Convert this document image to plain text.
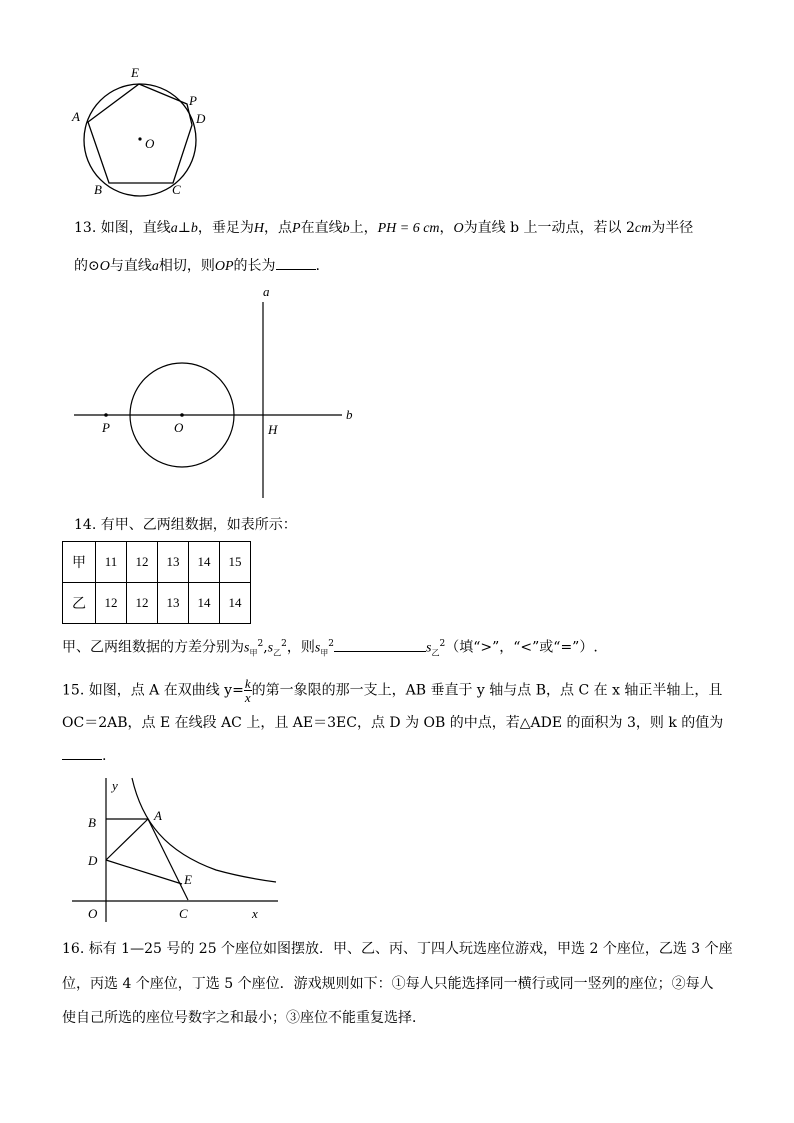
E
A
P
D
O
B	C
13. 如图，直线a⊥b，垂足为H，点P在直线b上，PH = 6 cm，O为直线 b 上一动点，若以 2cm为半径
的⊙O与直线a相切，则OP的长为	.
a
b
P	O	H
14. 有甲、乙两组数据，如表所示：
甲	11	12	13	14	15
乙	12	12	13	14	14
甲、乙两组数据的方差分别为$s_甲^2,s_乙^2$，则$s_甲^2$	$s_乙^2$（填“>”，“<”或“=”）.
15. 如图，点 A 在双曲线 $y= \frac{k}{x}$ 的第一象限的那一支上，AB 垂直于 y 轴与点 B，点 C 在 x 轴正半轴上，且
OC＝2AB，点 E 在线段 AC 上，且 AE＝3EC，点 D 为 OB 的中点，若△ADE 的面积为 3，则 k 的值为
.
y
B	A
D
E
O	C	x
16. 标有 1—25 号的 25 个座位如图摆放．甲、乙、丙、丁四人玩选座位游戏，甲选 2 个座位，乙选 3 个座
位，丙选 4 个座位，丁选 5 个座位．游戏规则如下：①每人只能选择同一横行或同一竖列的座位；②每人
使自己所选的座位号数字之和最小；③座位不能重复选择．
